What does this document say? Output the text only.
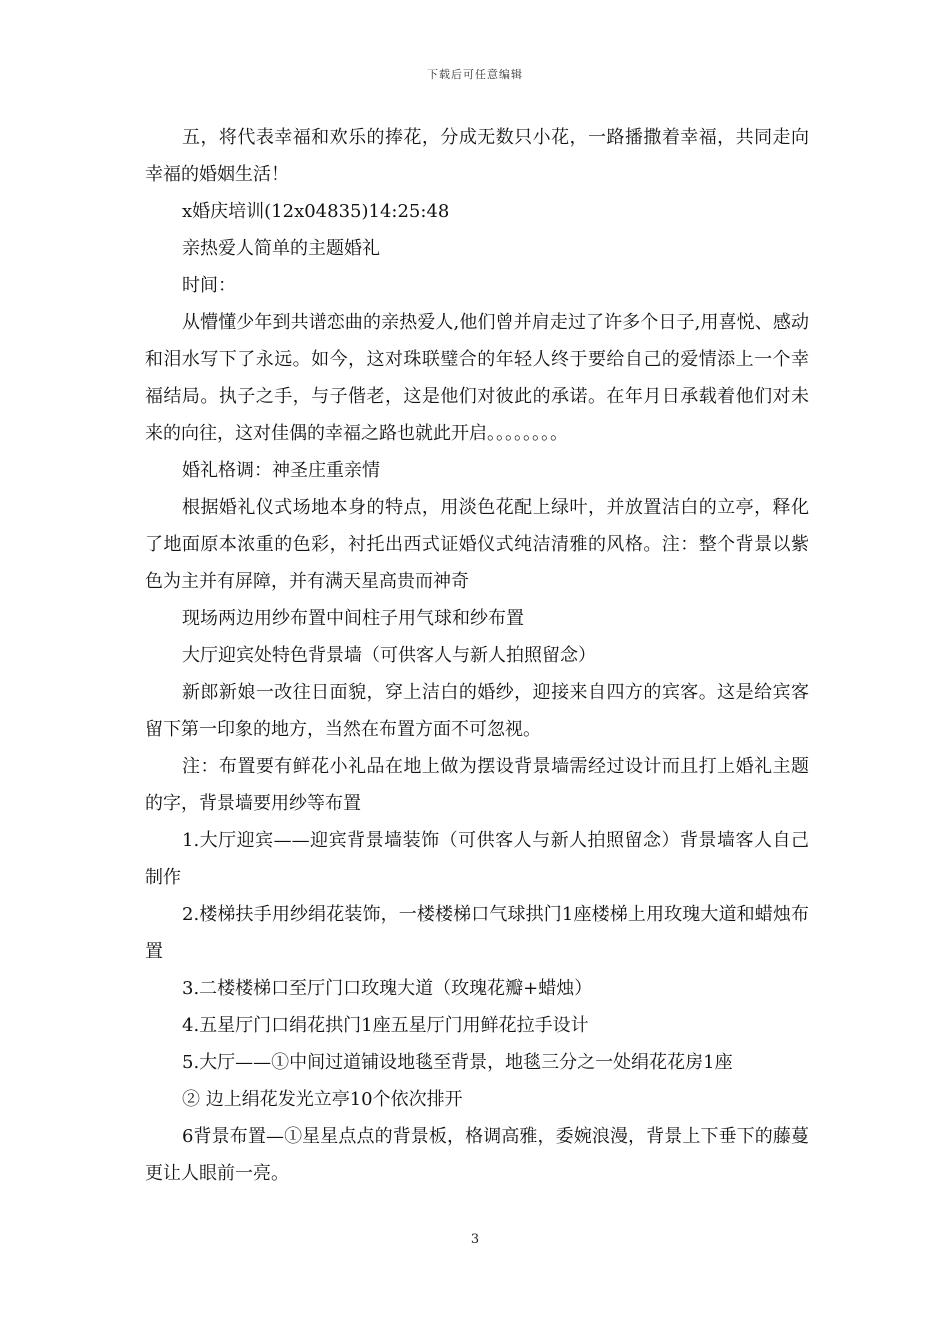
下载后可任意编辑

五，将代表幸福和欢乐的捧花，分成无数只小花，一路播撒着幸福，共同走向幸福的婚姻生活！

x婚庆培训(12x04835)14:25:48

亲热爱人简单的主题婚礼

时间：

从懵懂少年到共谱恋曲的亲热爱人,他们曾并肩走过了许多个日子,用喜悦、感动和泪水写下了永远。如今，这对珠联璧合的年轻人终于要给自己的爱情添上一个幸福结局。执子之手，与子偕老，这是他们对彼此的承诺。在年月日承载着他们对未来的向往，这对佳偶的幸福之路也就此开启。。。。。。。。

婚礼格调：神圣庄重亲情

根据婚礼仪式场地本身的特点，用淡色花配上绿叶，并放置洁白的立亭，释化了地面原本浓重的色彩，衬托出西式证婚仪式纯洁清雅的风格。注：整个背景以紫色为主并有屏障，并有满天星高贵而神奇

现场两边用纱布置中间柱子用气球和纱布置

大厅迎宾处特色背景墙（可供客人与新人拍照留念）

新郎新娘一改往日面貌，穿上洁白的婚纱，迎接来自四方的宾客。这是给宾客留下第一印象的地方，当然在布置方面不可忽视。

注：布置要有鲜花小礼品在地上做为摆设背景墙需经过设计而且打上婚礼主题的字，背景墙要用纱等布置

1.大厅迎宾——迎宾背景墙装饰（可供客人与新人拍照留念）背景墙客人自己制作

2.楼梯扶手用纱绢花装饰，一楼楼梯口气球拱门1座楼梯上用玫瑰大道和蜡烛布置

3.二楼楼梯口至厅门口玫瑰大道（玫瑰花瓣+蜡烛）

4.五星厅门口绢花拱门1座五星厅门用鲜花拉手设计

5.大厅——①中间过道铺设地毯至背景，地毯三分之一处绢花花房1座

② 边上绢花发光立亭10个依次排开

6背景布置—①星星点点的背景板，格调高雅，委婉浪漫，背景上下垂下的藤蔓更让人眼前一亮。

3
